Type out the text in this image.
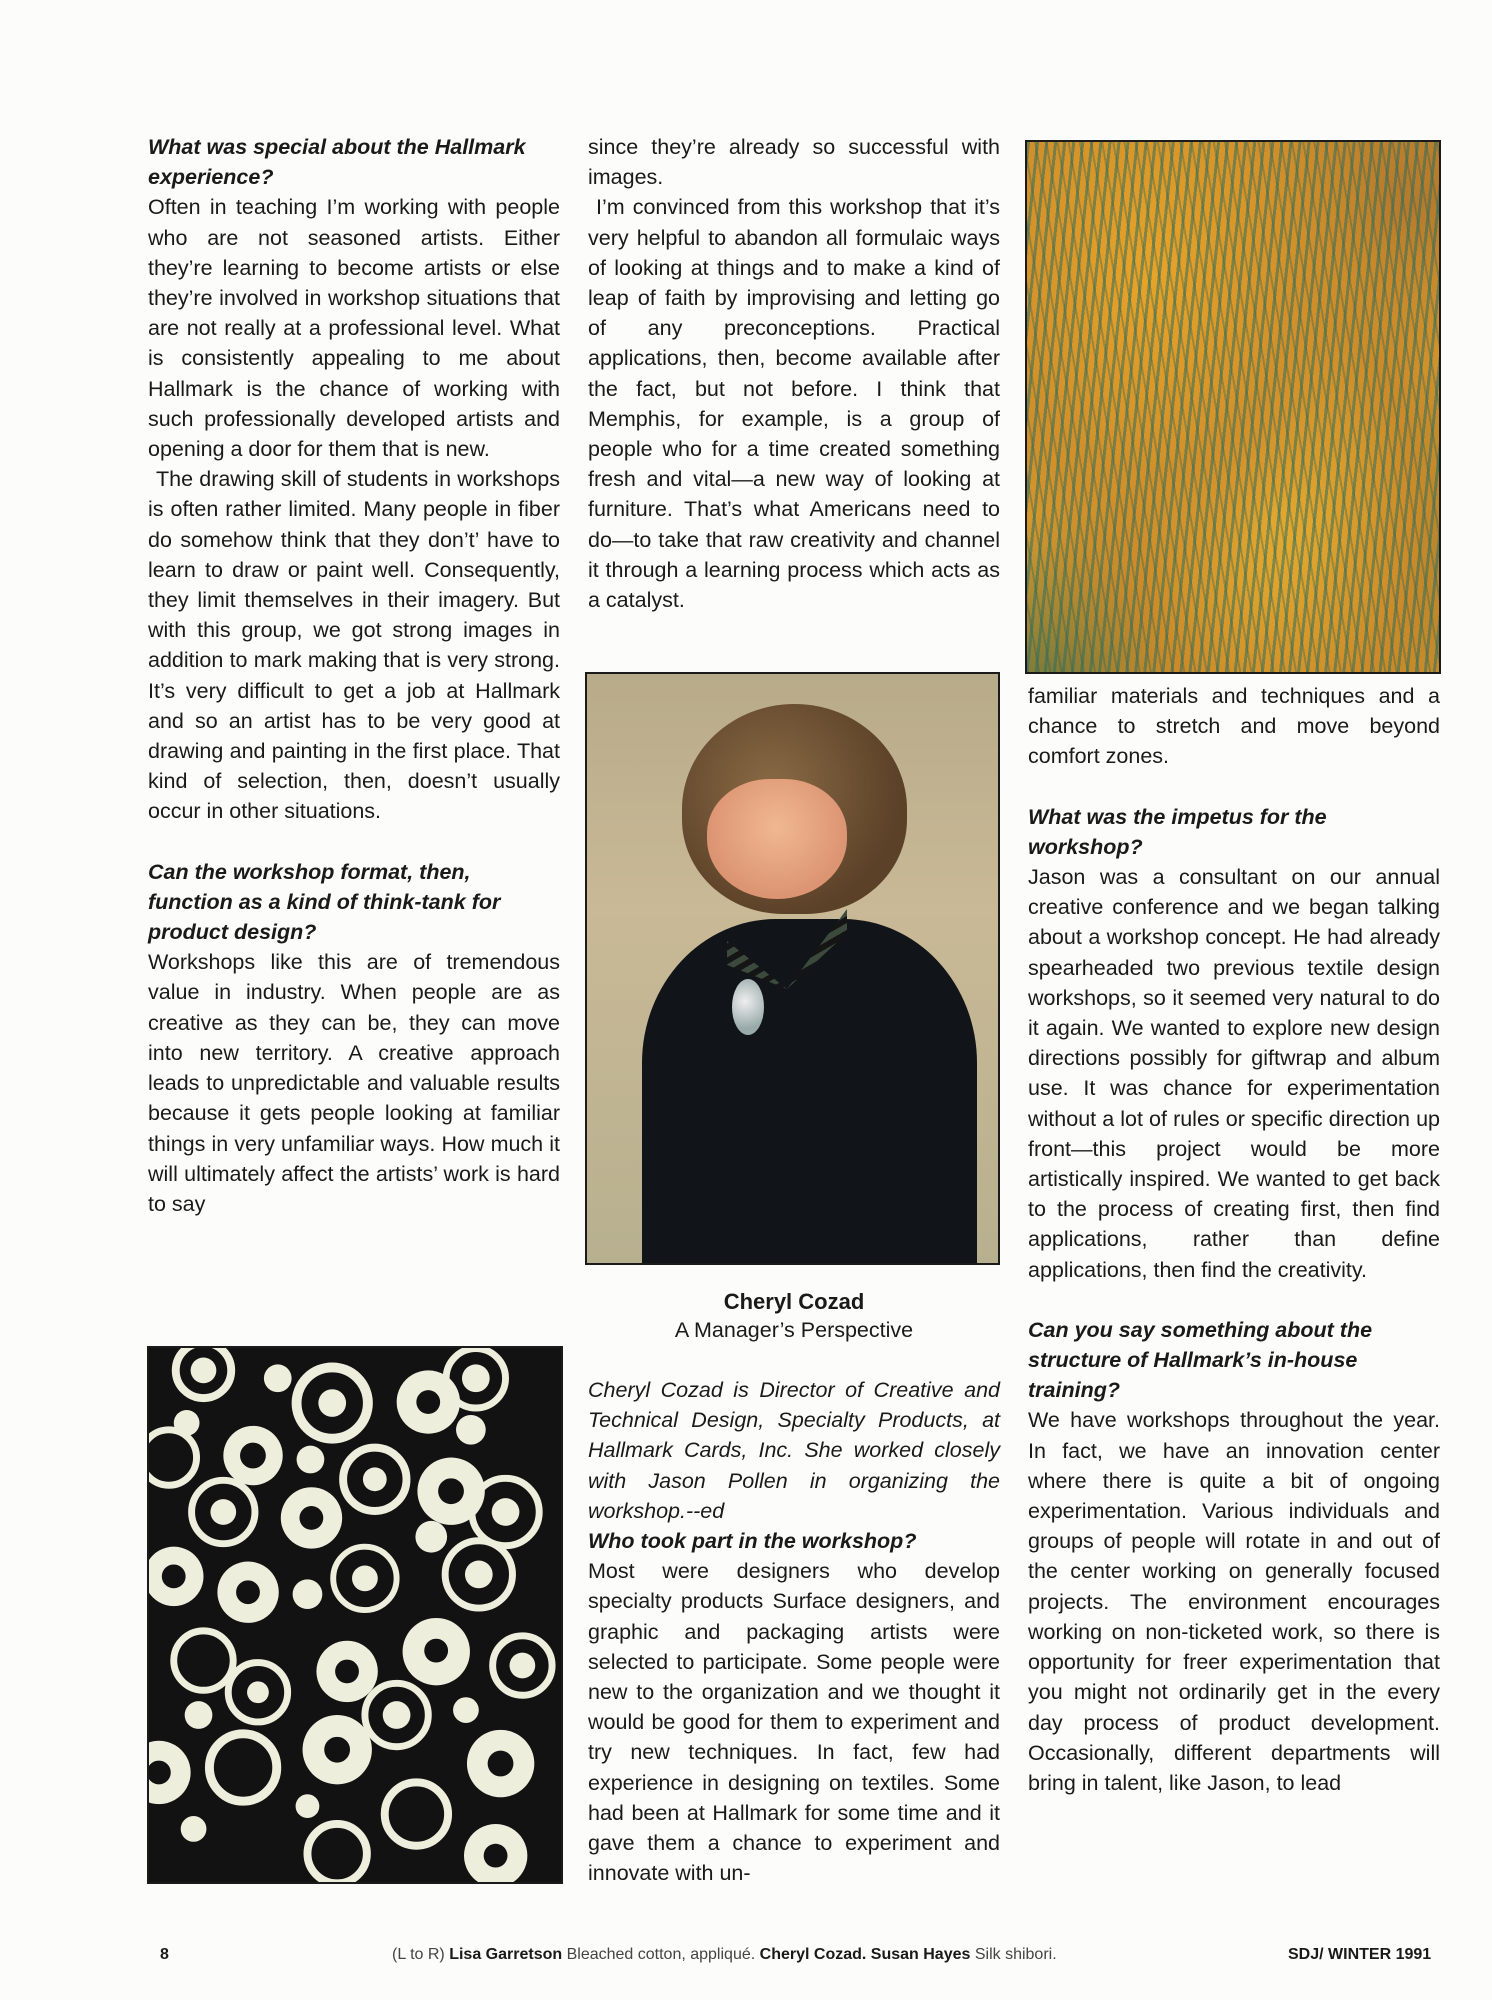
What was special about the Hallmark experience?

Often in teaching I’m working with people who are not seasoned artists. Either they’re learning to become artists or else they’re involved in workshop situations that are not really at a professional level. What is consistently appealing to me about Hallmark is the chance of working with such professionally developed artists and opening a door for them that is new.

The drawing skill of students in workshops is often rather limited. Many people in fiber do somehow think that they don’t’ have to learn to draw or paint well. Consequently, they limit themselves in their imagery. But with this group, we got strong images in addition to mark making that is very strong. It’s very difficult to get a job at Hallmark and so an artist has to be very good at drawing and painting in the first place. That kind of selection, then, doesn’t usually occur in other situations.

Can the workshop format, then, function as a kind of think-tank for product design?

Workshops like this are of tremendous value in industry. When people are as creative as they can be, they can move into new territory. A creative approach leads to unpredictable and valuable results because it gets people looking at familiar things in very unfamiliar ways. How much it will ultimately affect the artists’ work is hard to say

since they’re already so successful with images.

I’m convinced from this workshop that it’s very helpful to abandon all formulaic ways of looking at things and to make a kind of leap of faith by improvising and letting go of any preconceptions. Practical applications, then, become available after the fact, but not before. I think that Memphis, for example, is a group of people who for a time created something fresh and vital—a new way of looking at furniture. That’s what Americans need to do—to take that raw creativity and channel it through a learning process which acts as a catalyst.

Cheryl Cozad
A Manager’s Perspective

Cheryl Cozad is Director of Creative and Technical Design, Specialty Products, at Hallmark Cards, Inc. She worked closely with Jason Pollen in organizing the workshop.--ed

Who took part in the workshop?

Most were designers who develop specialty products Surface designers, and graphic and packaging artists were selected to participate. Some people were new to the organization and we thought it would be good for them to experiment and try new techniques. In fact, few had experience in designing on textiles. Some had been at Hallmark for some time and it gave them a chance to experiment and innovate with un-

familiar materials and techniques and a chance to stretch and move beyond comfort zones.

What was the impetus for the workshop?

Jason was a consultant on our annual creative conference and we began talking about a workshop concept. He had already spearheaded two previous textile design workshops, so it seemed very natural to do it again. We wanted to explore new design directions possibly for giftwrap and album use. It was chance for experimentation without a lot of rules or specific direction up front—this project would be more artistically inspired. We wanted to get back to the process of creating first, then find applications, rather than define applications, then find the creativity.

Can you say something about the structure of Hallmark’s in-house training?

We have workshops throughout the year. In fact, we have an innovation center where there is quite a bit of ongoing experimentation. Various individuals and groups of people will rotate in and out of the center working on generally focused projects. The environment encourages working on non-ticketed work, so there is opportunity for freer experimentation that you might not ordinarily get in the every day process of product development. Occasionally, different departments will bring in talent, like Jason, to lead

8	(L to R) Lisa Garretson Bleached cotton, appliqué. Cheryl Cozad. Susan Hayes Silk shibori.	SDJ/ WINTER 1991
